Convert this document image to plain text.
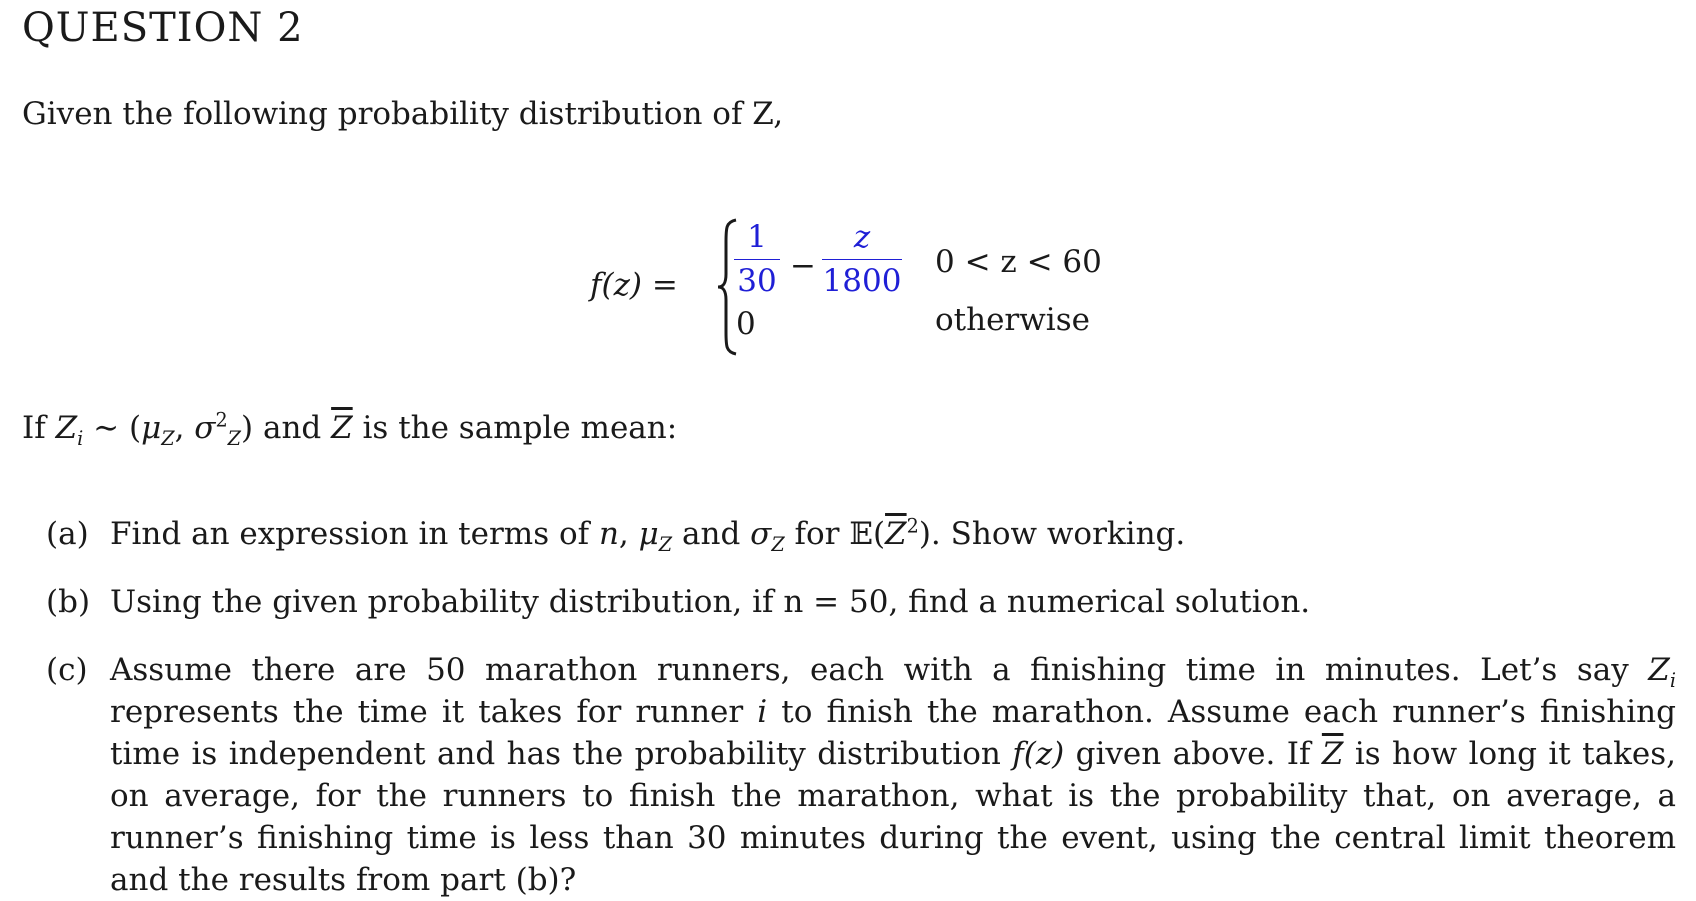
QUESTION 2
Given the following probability distribution of Z,
f(z) =
1
30 −
z
1800
0
0 < z < 60
otherwise
If $Z_i$ ∼ ($\mu_Z$, $\sigma^2_Z$) and $\overline{Z}$ is the sample mean:
(a) Find an expression in terms of n, $\mu_Z$ and $\sigma_Z$ for $𝔼(\overline{Z}^2)$. Show working.
(b) Using the given probability distribution, if n = 50, find a numerical solution.
(c) Assume there are 50 marathon runners, each with a finishing time in minutes. Let’s say $Z_i$ represents the time it takes for runner i to finish the marathon. Assume each runner’s finishing time is independent and has the probability distribution f(z) given above. If $\overline{Z}$ is how long it takes, on average, for the runners to finish the marathon, what is the probability that, on average, a runner’s finishing time is less than 30 minutes during the event, using the central limit theorem and the results from part (b)?
